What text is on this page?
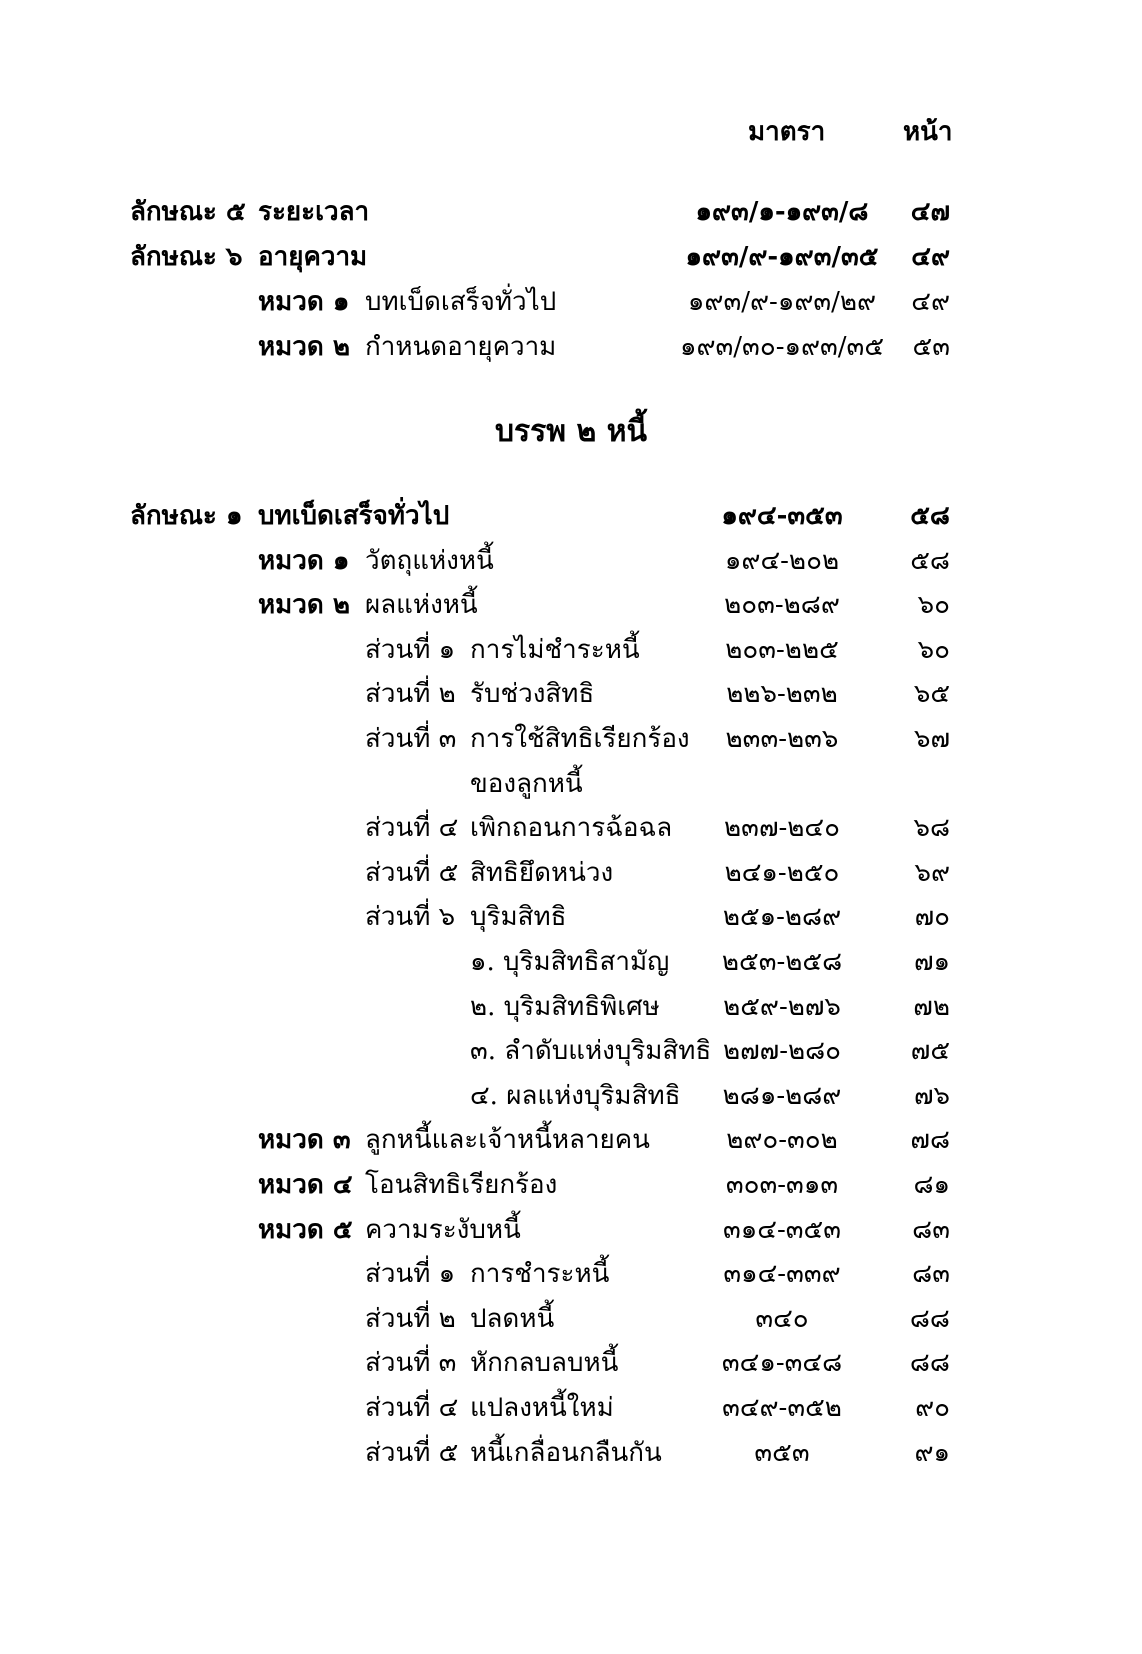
มาตรา	หน้า
ลักษณะ ๕ ระยะเวลา	๑๙๓/๑-๑๙๓/๘	๔๗
ลักษณะ ๖ อายุความ	๑๙๓/๙-๑๙๓/๓๕	๔๙
หมวด ๑ บทเบ็ดเสร็จทั่วไป	๑๙๓/๙-๑๙๓/๒๙	๔๙
หมวด ๒ กำหนดอายุความ	๑๙๓/๓๐-๑๙๓/๓๕	๕๓
บรรพ ๒ หนี้
ลักษณะ ๑ บทเบ็ดเสร็จทั่วไป	๑๙๔-๓๕๓	๕๘
หมวด ๑ วัตถุแห่งหนี้	๑๙๔-๒๐๒	๕๘
หมวด ๒ ผลแห่งหนี้	๒๐๓-๒๘๙	๖๐
ส่วนที่ ๑ การไม่ชำระหนี้	๒๐๓-๒๒๕	๖๐
ส่วนที่ ๒ รับช่วงสิทธิ	๒๒๖-๒๓๒	๖๕
ส่วนที่ ๓ การใช้สิทธิเรียกร้อง	๒๓๓-๒๓๖	๖๗
ของลูกหนี้
ส่วนที่ ๔ เพิกถอนการฉ้อฉล	๒๓๗-๒๔๐	๖๘
ส่วนที่ ๕ สิทธิยึดหน่วง	๒๔๑-๒๕๐	๖๙
ส่วนที่ ๖ บุริมสิทธิ	๒๕๑-๒๘๙	๗๐
๑. บุริมสิทธิสามัญ	๒๕๓-๒๕๘	๗๑
๒. บุริมสิทธิพิเศษ	๒๕๙-๒๗๖	๗๒
๓. ลำดับแห่งบุริมสิทธิ ๒๗๗-๒๘๐	๗๕
๔. ผลแห่งบุริมสิทธิ	๒๘๑-๒๘๙	๗๖
หมวด ๓ ลูกหนี้และเจ้าหนี้หลายคน	๒๙๐-๓๐๒	๗๘
หมวด ๔ โอนสิทธิเรียกร้อง	๓๐๓-๓๑๓	๘๑
หมวด ๕ ความระงับหนี้	๓๑๔-๓๕๓	๘๓
ส่วนที่ ๑ การชำระหนี้	๓๑๔-๓๓๙	๘๓
ส่วนที่ ๒ ปลดหนี้	๓๔๐	๘๘
ส่วนที่ ๓ หักกลบลบหนี้	๓๔๑-๓๔๘	๘๘
ส่วนที่ ๔ แปลงหนี้ใหม่	๓๔๙-๓๕๒	๙๐
ส่วนที่ ๕ หนี้เกลื่อนกลืนกัน	๓๕๓	๙๑
